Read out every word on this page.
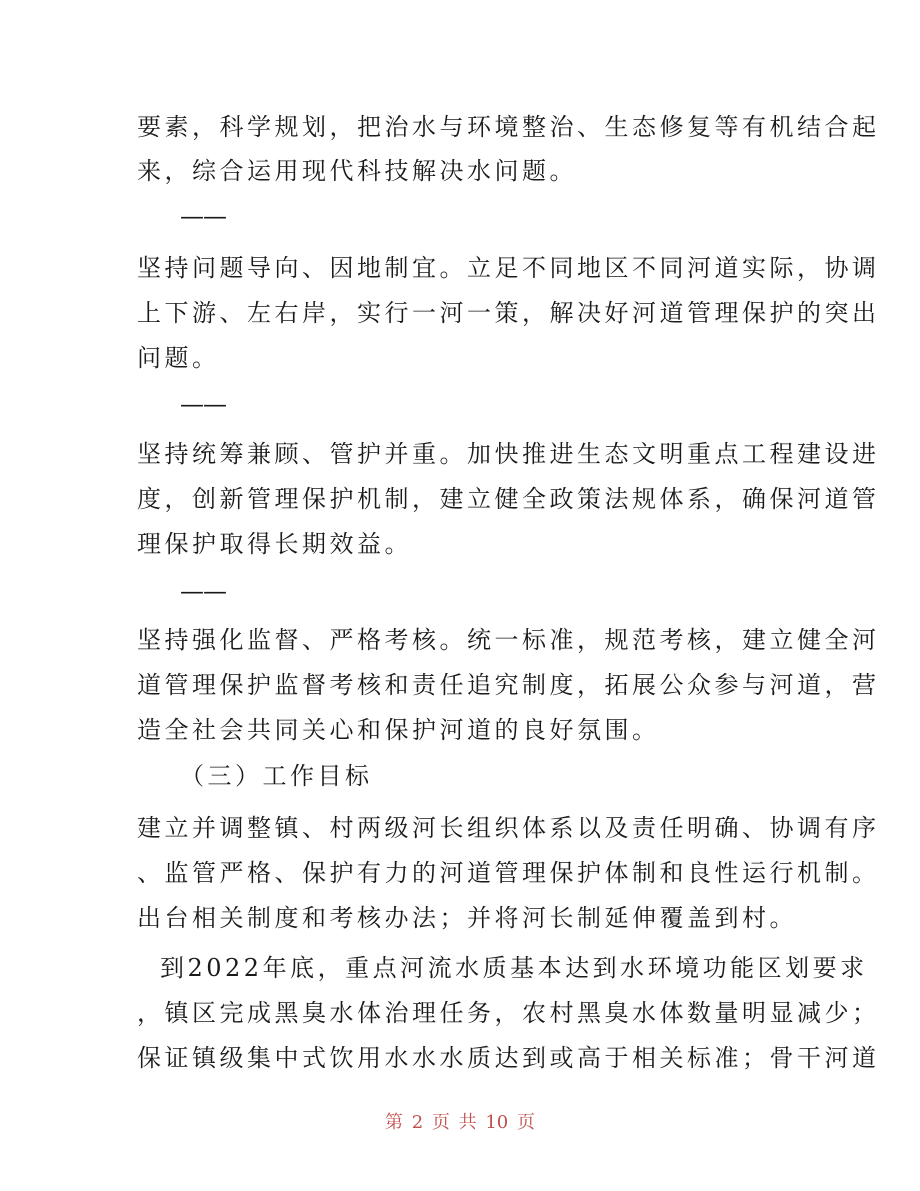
要素，科学规划，把治水与环境整治、生态修复等有机结合起
来，综合运用现代科技解决水问题。
——
坚持问题导向、因地制宜。立足不同地区不同河道实际，协调
上下游、左右岸，实行一河一策，解决好河道管理保护的突出
问题。
——
坚持统筹兼顾、管护并重。加快推进生态文明重点工程建设进
度，创新管理保护机制，建立健全政策法规体系，确保河道管
理保护取得长期效益。
——
坚持强化监督、严格考核。统一标准，规范考核，建立健全河
道管理保护监督考核和责任追究制度，拓展公众参与河道，营
造全社会共同关心和保护河道的良好氛围。
（三）工作目标
建立并调整镇、村两级河长组织体系以及责任明确、协调有序
、监管严格、保护有力的河道管理保护体制和良性运行机制。
出台相关制度和考核办法；并将河长制延伸覆盖到村。
到2022年底，重点河流水质基本达到水环境功能区划要求
，镇区完成黑臭水体治理任务，农村黑臭水体数量明显减少；
保证镇级集中式饮用水水水质达到或高于相关标准；骨干河道
第 2 页 共 10 页
